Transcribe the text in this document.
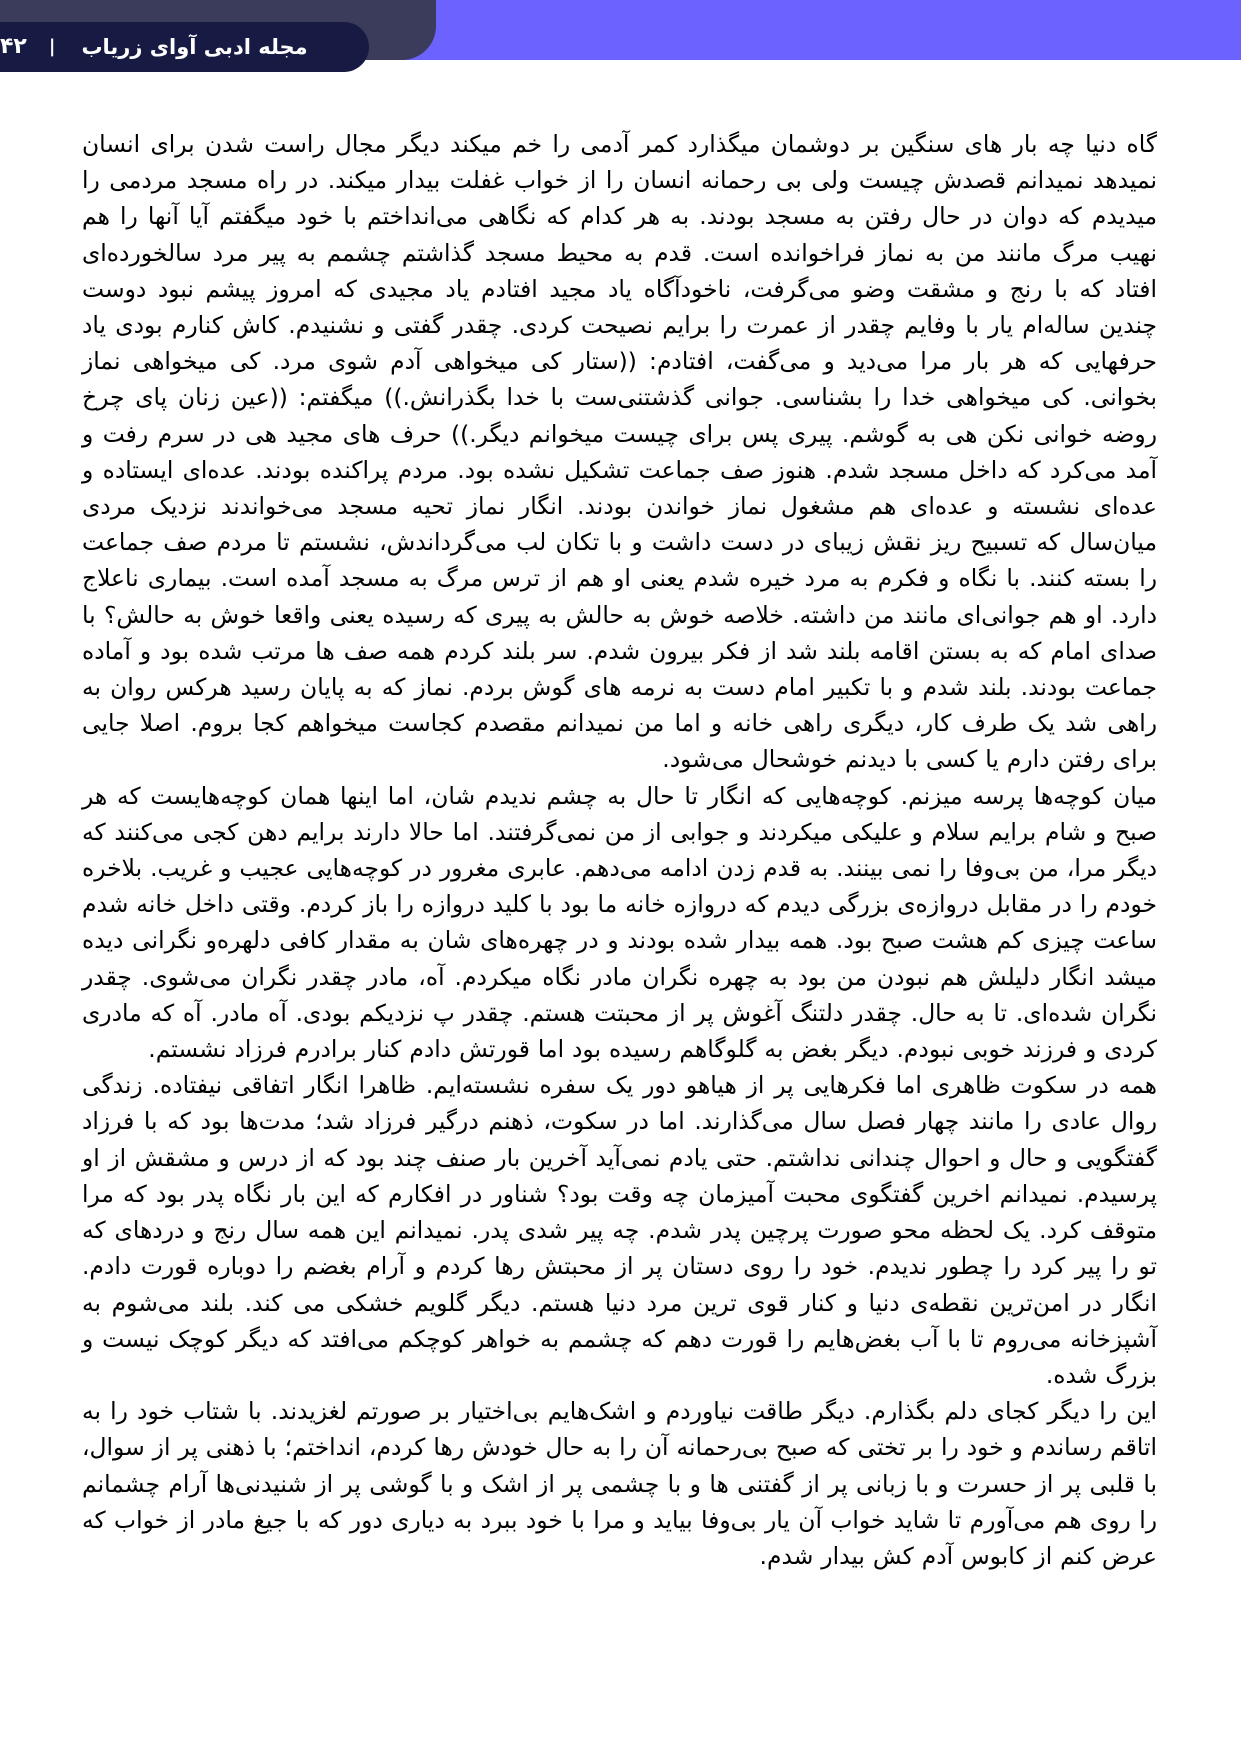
مجله ادبی آوای زریاب
|
۴۲

گاه دنیا چه بار های سنگین بر دوشمان میگذارد کمر آدمی را خم میکند دیگر مجال راست شدن برای انسان نمیدهد نمیدانم قصدش چیست ولی بی رحمانه انسان را از خواب غفلت بیدار میکند. در راه مسجد مردمی را میدیدم که دوان در حال رفتن به مسجد بودند. به هر کدام که نگاهی می‌انداختم با خود میگفتم آیا آنها را هم نهیب مرگ مانند من به نماز فراخوانده است. قدم به محیط مسجد گذاشتم چشمم به پیر مرد سالخورده‌ای افتاد که با رنج و مشقت وضو می‌گرفت، ناخودآگاه یاد مجید افتادم یاد مجیدی که امروز پیشم نبود دوست چندین ساله‌ام یار با وفایم چقدر از عمرت را برایم نصیحت کردی. چقدر گفتی و نشنیدم. کاش کنارم بودی یاد حرفهایی که هر بار مرا می‌دید و می‌گفت، افتادم: ((ستار کی میخواهی آدم شوی مرد. کی میخواهی نماز بخوانی. کی میخواهی خدا را بشناسی. جوانی گذشتنی‌ست با خدا بگذرانش.)) میگفتم: ((عین زنان پای چرخ روضه خوانی نکن هی به گوشم. پیری پس برای چیست میخوانم دیگر.)) حرف های مجید هی در سرم رفت و آمد می‌کرد که داخل مسجد شدم. هنوز صف جماعت تشکیل نشده بود. مردم پراکنده بودند. عده‌ای ایستاده و عده‌ای نشسته و عده‌ای هم مشغول نماز خواندن بودند. انگار نماز تحیه مسجد می‌خواندند نزدیک مردی میان‌سال که تسبیح ریز نقش زیبای در دست داشت و با تکان لب می‌گرداندش، نشستم تا مردم صف جماعت را بسته کنند. با نگاه و فکرم به مرد خیره شدم یعنی او هم از ترس مرگ به مسجد آمده است. بیماری ناعلاج دارد. او هم جوانی‌ای مانند من داشته. خلاصه خوش به حالش به پیری که رسیده یعنی واقعا خوش به حالش؟ با صدای امام که به بستن اقامه بلند شد از فکر بیرون شدم. سر بلند کردم همه صف ها مرتب شده بود و آماده جماعت بودند. بلند شدم و با تکبیر امام دست به نرمه های گوش بردم. نماز که به پایان رسید هرکس روان به راهی شد یک طرف کار، دیگری راهی خانه و اما من نمیدانم مقصدم کجاست میخواهم کجا بروم. اصلا جایی برای رفتن دارم یا کسی با دیدنم خوشحال می‌شود.

میان کوچه‌ها پرسه میزنم. کوچه‌هایی که انگار تا حال به چشم ندیدم شان، اما اینها همان کوچه‌هایست که هر صبح و شام برایم سلام و علیکی میکردند و جوابی از من نمی‌گرفتند. اما حالا دارند برایم دهن کجی می‌کنند که دیگر مرا، من بی‌وفا را نمی بینند. به قدم زدن ادامه می‌دهم. عابری مغرور در کوچه‌هایی عجیب و غریب. بلاخره خودم را در مقابل دروازه‌ی بزرگی دیدم که دروازه خانه ما بود با کلید دروازه را باز کردم. وقتی داخل خانه شدم ساعت چیزی کم هشت صبح بود. همه بیدار شده بودند و در چهره‌های شان به مقدار کافی دلهره‌و نگرانی دیده میشد انگار دلیلش هم نبودن من بود به چهره نگران مادر نگاه میکردم. آه، مادر چقدر نگران می‌شوی. چقدر نگران شده‌ای. تا به حال. چقدر دلتنگ آغوش پر از محبتت هستم. چقدر پ نزدیکم بودی. آه مادر. آه که مادری کردی و فرزند خوبی نبودم. دیگر بغض به گلوگاهم رسیده بود اما قورتش دادم کنار برادرم فرزاد نشستم.

همه در سکوت ظاهری اما فکرهایی پر از هیاهو دور یک سفره نشسته‌ایم. ظاهرا انگار اتفاقی نیفتاده. زندگی روال عادی را مانند چهار فصل سال می‌گذارند. اما در سکوت، ذهنم درگیر فرزاد شد؛ مدت‌ها بود که با فرزاد گفتگویی و حال و احوال چندانی نداشتم. حتی یادم نمی‌آید آخرین بار صنف چند بود که از درس و مشقش از او پرسیدم. نمیدانم اخرین گفتگوی محبت آمیزمان چه وقت بود؟ شناور در افکارم که این بار نگاه پدر بود که مرا متوقف کرد. یک لحظه محو صورت پرچین پدر شدم. چه پیر شدی پدر. نمیدانم این همه سال رنج و دردهای که تو را پیر کرد را چطور ندیدم. خود را روی دستان پر از محبتش رها کردم و آرام بغضم را دوباره قورت دادم. انگار در امن‌ترین نقطه‌ی دنیا و کنار قوی ترین مرد دنیا هستم. دیگر گلویم خشکی می کند. بلند می‌شوم به آشپزخانه می‌روم تا با آب بغض‌هایم را قورت دهم که چشمم به خواهر کوچکم می‌افتد که دیگر کوچک نیست و بزرگ شده.

این را دیگر کجای دلم بگذارم. دیگر طاقت نیاوردم و اشک‌هایم بی‌اختیار بر صورتم لغزیدند. با شتاب خود را به اتاقم رساندم و خود را بر تختی که صبح بی‌رحمانه آن را به حال خودش رها کردم، انداختم؛ با ذهنی پر از سوال، با قلبی پر از حسرت و با زبانی پر از گفتنی ها و با چشمی پر از اشک و با گوشی پر از شنیدنی‌ها آرام چشمانم را روی هم می‌آورم تا شاید خواب آن یار بی‌وفا بیاید و مرا با خود ببرد به دیاری دور که با جیغ مادر از خواب که عرض کنم از کابوس آدم کش بیدار شدم.
